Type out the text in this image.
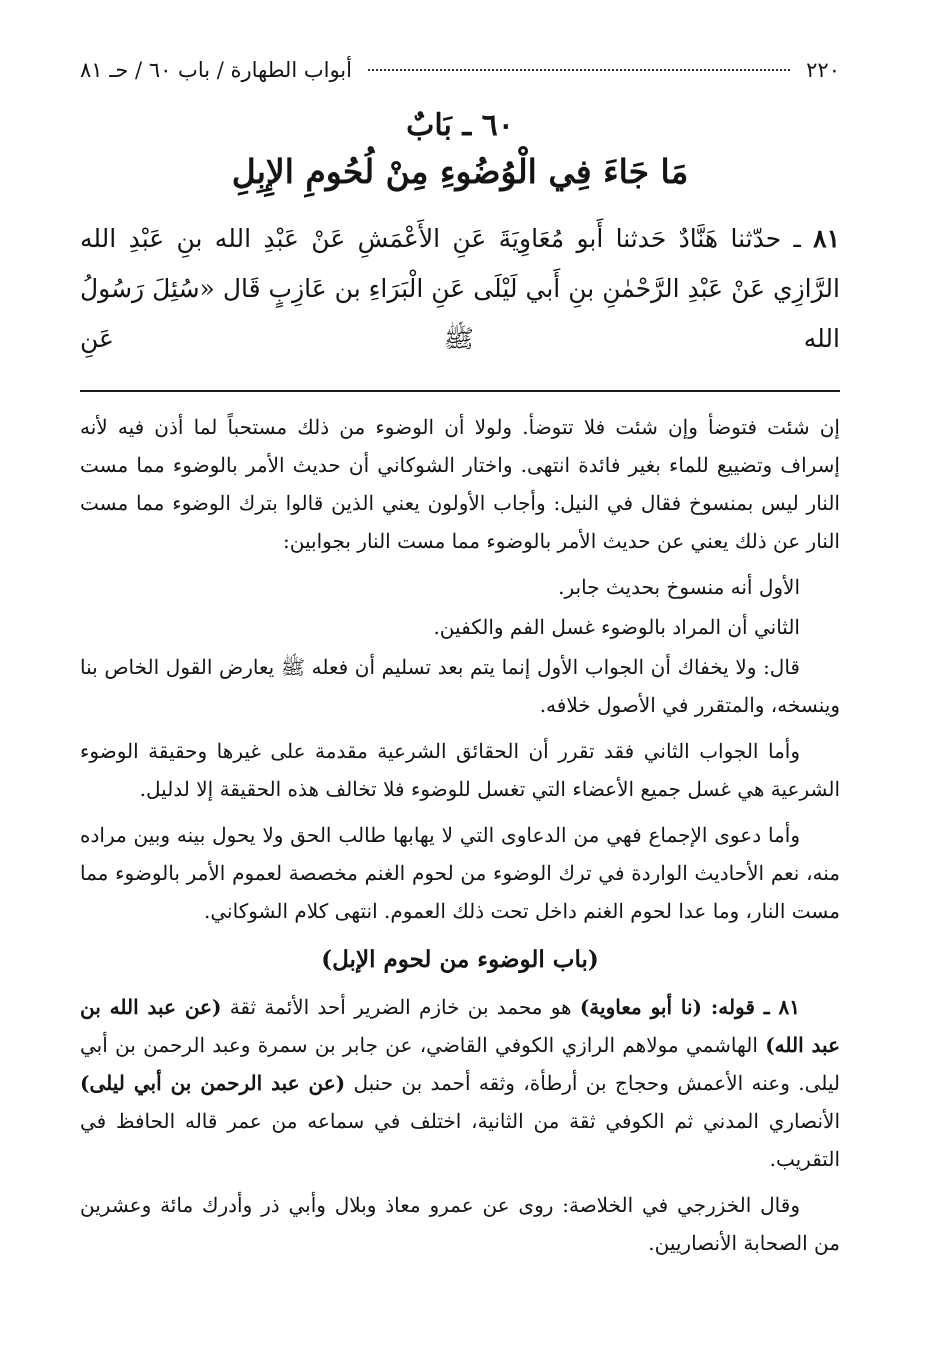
٢٢٠
أبواب الطهارة / باب ٦٠ / حـ ٨١
٦٠ ـ بَابٌ
مَا جَاءَ فِي الْوُضُوءِ مِنْ لُحُومِ الإِبِلِ
٨١ ـ حدّثنا هَنَّادٌ حَدثنا أَبو مُعَاوِيَةَ عَنِ الأَعْمَشِ عَنْ عَبْدِ الله بنِ عَبْدِ الله الرَّازِي عَنْ عَبْدِ الرَّحْمٰنِ بنِ أَبي لَيْلَى عَنِ الْبَرَاءِ بن عَازِبٍ قَال «سُئِلَ رَسُولُ الله ﷺ عَنِ

إن شئت فتوضأ وإن شئت فلا تتوضأ. ولولا أن الوضوء من ذلك مستحباً لما أذن فيه لأنه إسراف وتضييع للماء بغير فائدة انتهى. واختار الشوكاني أن حديث الأمر بالوضوء مما مست النار ليس بمنسوخ فقال في النيل: وأجاب الأولون يعني الذين قالوا بترك الوضوء مما مست النار عن ذلك يعني عن حديث الأمر بالوضوء مما مست النار بجوابين:

الأول أنه منسوخ بحديث جابر.

الثاني أن المراد بالوضوء غسل الفم والكفين.

قال: ولا يخفاك أن الجواب الأول إنما يتم بعد تسليم أن فعله ﷺ يعارض القول الخاص بنا وينسخه، والمتقرر في الأصول خلافه.

وأما الجواب الثاني فقد تقرر أن الحقائق الشرعية مقدمة على غيرها وحقيقة الوضوء الشرعية هي غسل جميع الأعضاء التي تغسل للوضوء فلا تخالف هذه الحقيقة إلا لدليل.

وأما دعوى الإجماع فهي من الدعاوى التي لا يهابها طالب الحق ولا يحول بينه وبين مراده منه، نعم الأحاديث الواردة في ترك الوضوء من لحوم الغنم مخصصة لعموم الأمر بالوضوء مما مست النار، وما عدا لحوم الغنم داخل تحت ذلك العموم. انتهى كلام الشوكاني.

(باب الوضوء من لحوم الإبل)

٨١ ـ قوله: (نا أبو معاوية) هو محمد بن خازم الضرير أحد الأئمة ثقة (عن عبد الله بن عبد الله) الهاشمي مولاهم الرازي الكوفي القاضي، عن جابر بن سمرة وعبد الرحمن بن أبي ليلى. وعنه الأعمش وحجاج بن أرطأة، وثقه أحمد بن حنبل (عن عبد الرحمن بن أبي ليلى) الأنصاري المدني ثم الكوفي ثقة من الثانية، اختلف في سماعه من عمر قاله الحافظ في التقريب.

وقال الخزرجي في الخلاصة: روى عن عمرو معاذ وبلال وأبي ذر وأدرك مائة وعشرين من الصحابة الأنصاريين.
